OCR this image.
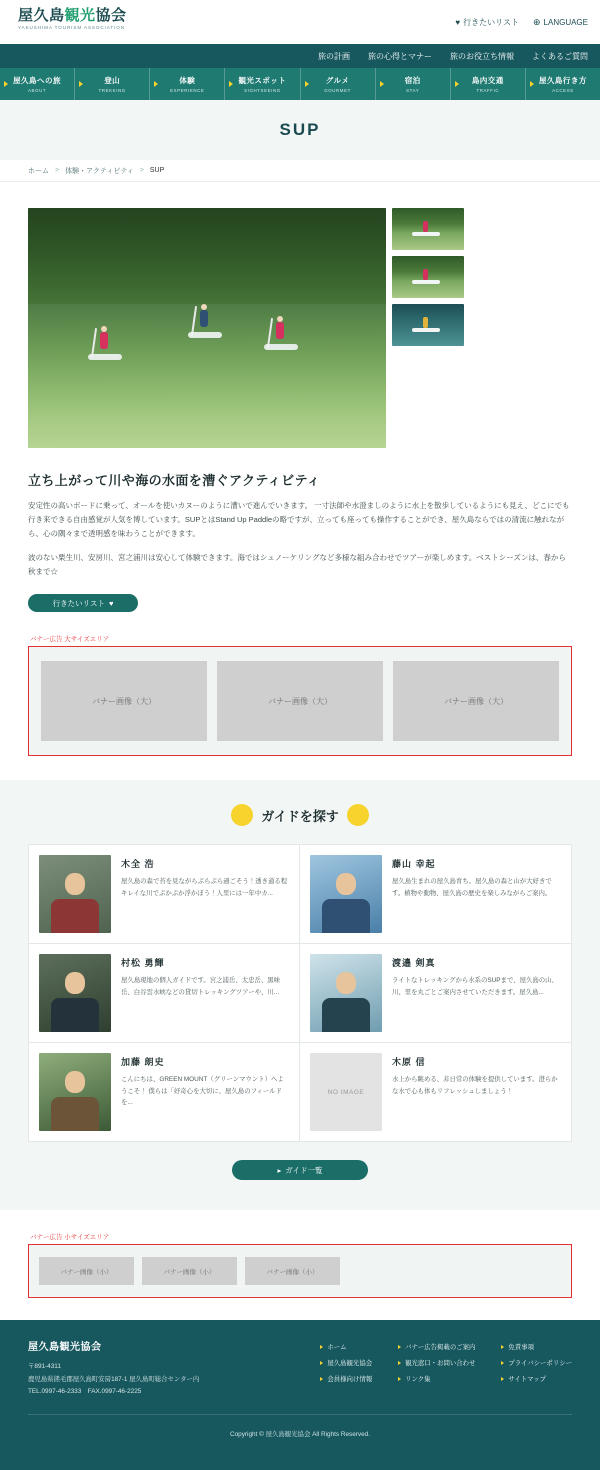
屋久島観光協会
YAKUSHIMA TOURISM ASSOCIATION
♥ 行きたいリスト ⊕ LANGUAGE
旅の計画 旅の心得とマナー 旅のお役立ち情報 よくあるご質問
屋久島への旅
ABOUT
登山
TREKKING
体験
EXPERIENCE
観光スポット
SIGHTSEEING
グルメ
GOURMET
宿泊
STAY
島内交通
TRAFFIC
屋久島行き方
ACCESS
SUP
ホーム > 体験・アクティビティ > SUP
立ち上がって川や海の水面を漕ぐアクティビティ

安定性の高いボードに乗って、オールを使いカヌーのように漕いで進んでいきます。 一寸法師や水澄ましのように水上を散歩しているようにも見え、どこにでも行き来できる自由感覚が人気を博しています。SUPとはStand Up Paddleの略ですが、立っても座っても操作することができ、屋久島ならではの清流に触れながら、心の隅々まで透明感を味わうことができます。

波のない栗生川、安房川、宮之浦川は安心して体験できます。海ではシュノーケリングなど多様な組み合わせでツアーが楽しめます。ベストシーズンは、春から秋まで☆

行きたいリスト ♥
バナー広告 大サイズエリア
バナー画像（大）	バナー画像（大）	バナー画像（大）
ガイドを探す
木全 浩
屋久島の森で苔を見ながらぷらぷら過ごそう！透き通る程キレイな川でぷかぷか浮かぼう！人里には一年中カ...
藤山 幸起
屋久島生まれの屋久島育ち。屋久島の森と山が大好きです。植物や動物、屋久島の歴史を楽しみながらご案内。
村松 勇輝
屋久島現地の個人ガイドです。宮之浦岳、太忠岳、黒味岳、白谷雲水峡などの貸切トレッキングツアーや、川...
渡邉 剣真
ライトなトレッキングから水系のSUPまで、屋久島の山、川、里を丸ごとご案内させていただきます。屋久島...
加藤 朗史
こんにちは、GREEN MOUNT（グリーンマウント）へようこそ！ 僕らは「好奇心を大切に、屋久島のフィールドを...
NO IMAGE
木原 信
水上から眺める、非日常の体験を提供しています。澄らかな水で心も体もリフレッシュしましょう！
▸ ガイド一覧
バナー広告 小サイズエリア
バナー画像（小）	バナー画像（小）	バナー画像（小）
屋久島観光協会
〒891-4311
鹿児島県熊毛郡屋久島町安房187-1 屋久島町総合センター内
TEL.0997-46-2333　FAX.0997-46-2225
ホーム
屋久島観光協会
会員様向け情報
バナー広告掲載のご案内
観光窓口・お問い合わせ
リンク集
免責事項
プライバシーポリシー
サイトマップ
Copyright © 屋久島観光協会 All Rights Reserved.
